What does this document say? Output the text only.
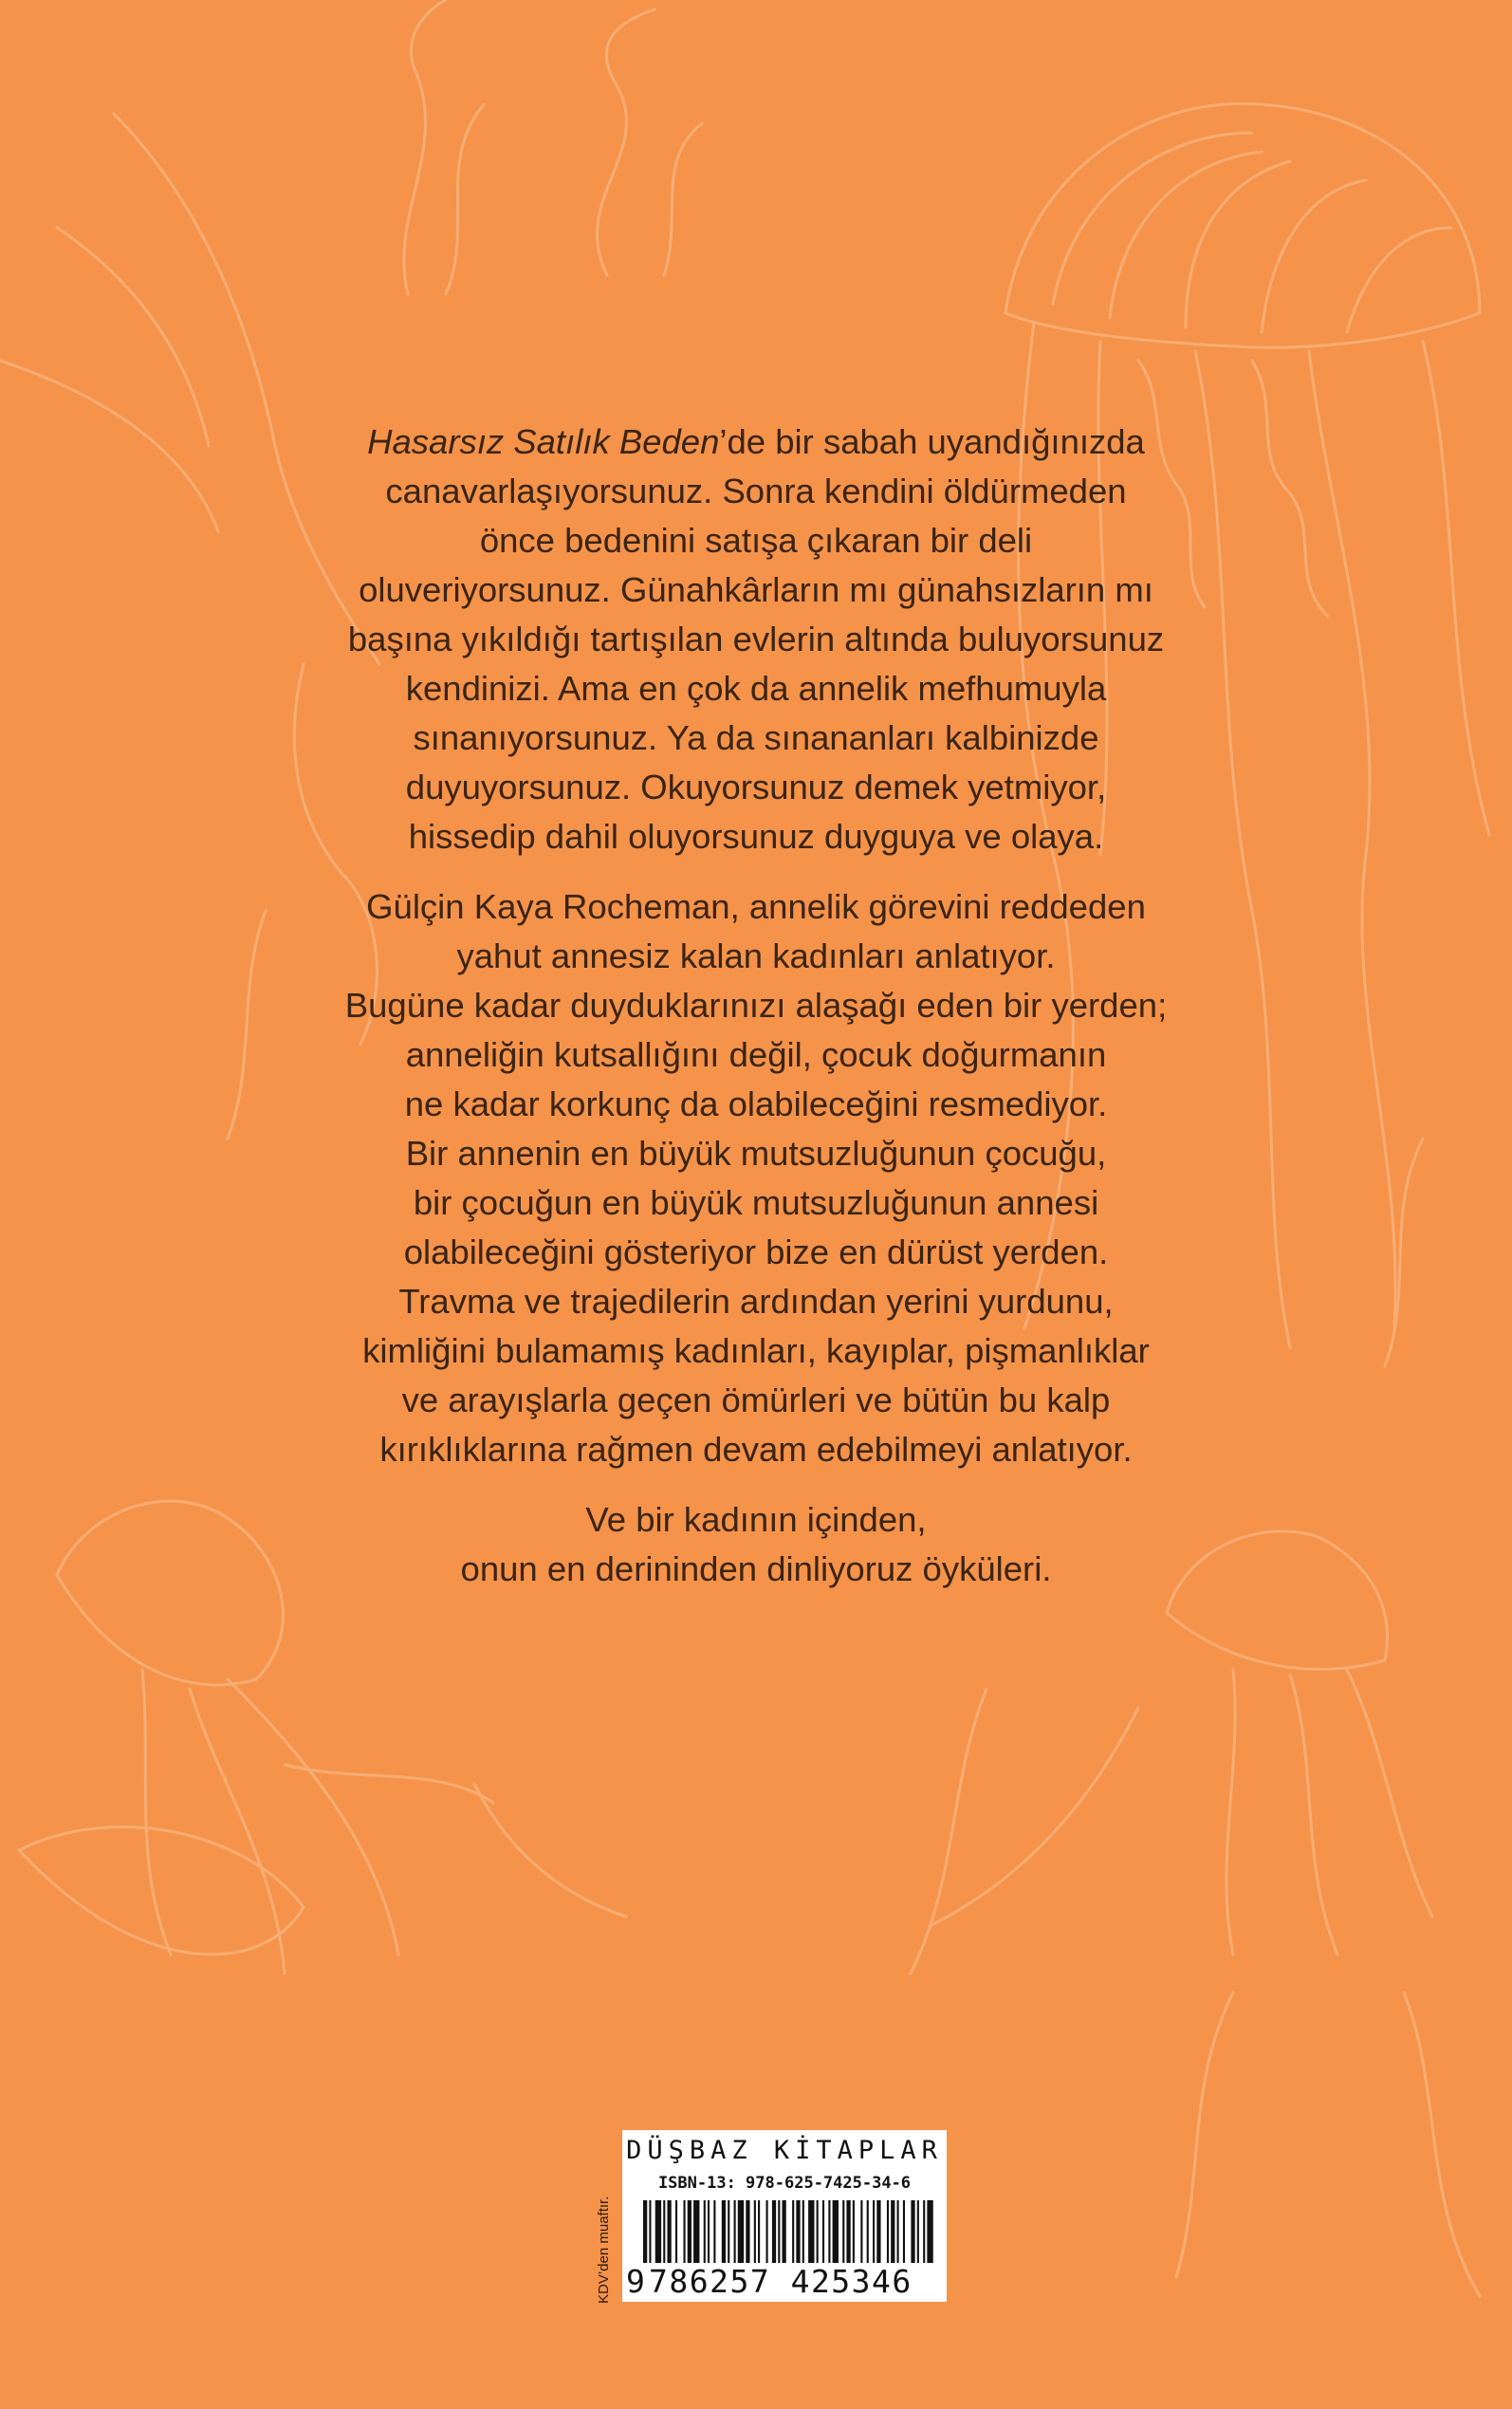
Hasarsız Satılık Beden’de bir sabah uyandığınızda
canavarlaşıyorsunuz. Sonra kendini öldürmeden
önce bedenini satışa çıkaran bir deli
oluveriyorsunuz. Günahkârların mı günahsızların mı
başına yıkıldığı tartışılan evlerin altında buluyorsunuz
kendinizi. Ama en çok da annelik mefhumuyla
sınanıyorsunuz. Ya da sınananları kalbinizde
duyuyorsunuz. Okuyorsunuz demek yetmiyor,
hissedip dahil oluyorsunuz duyguya ve olaya.

Gülçin Kaya Rocheman, annelik görevini reddeden
yahut annesiz kalan kadınları anlatıyor.
Bugüne kadar duyduklarınızı alaşağı eden bir yerden;
anneliğin kutsallığını değil, çocuk doğurmanın
ne kadar korkunç da olabileceğini resmediyor.
Bir annenin en büyük mutsuzluğunun çocuğu,
bir çocuğun en büyük mutsuzluğunun annesi
olabileceğini gösteriyor bize en dürüst yerden.
Travma ve trajedilerin ardından yerini yurdunu,
kimliğini bulamamış kadınları, kayıplar, pişmanlıklar
ve arayışlarla geçen ömürleri ve bütün bu kalp
kırıklıklarına rağmen devam edebilmeyi anlatıyor.

Ve bir kadının içinden,
onun en derininden dinliyoruz öyküleri.

KDV’den muaftır.
DÜŞBAZ KİTAPLAR
ISBN-13: 978-625-7425-34-6
9 786257 425346
